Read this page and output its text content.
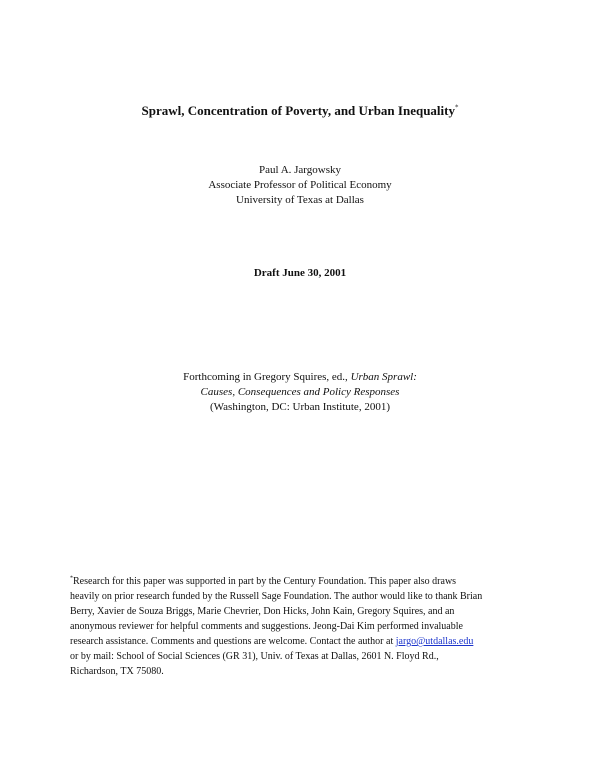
Sprawl, Concentration of Poverty, and Urban Inequality*
Paul A. Jargowsky
Associate Professor of Political Economy
University of Texas at Dallas
Draft June 30, 2001
Forthcoming in Gregory Squires, ed., Urban Sprawl:
Causes, Consequences and Policy Responses
(Washington, DC: Urban Institute, 2001)
*Research for this paper was supported in part by the Century Foundation. This paper also draws
heavily on prior research funded by the Russell Sage Foundation. The author would like to thank Brian
Berry, Xavier de Souza Briggs, Marie Chevrier, Don Hicks, John Kain, Gregory Squires, and an
anonymous reviewer for helpful comments and suggestions. Jeong-Dai Kim performed invaluable
research assistance. Comments and questions are welcome. Contact the author at jargo@utdallas.edu
or by mail: School of Social Sciences (GR 31), Univ. of Texas at Dallas, 2601 N. Floyd Rd.,
Richardson, TX 75080.
